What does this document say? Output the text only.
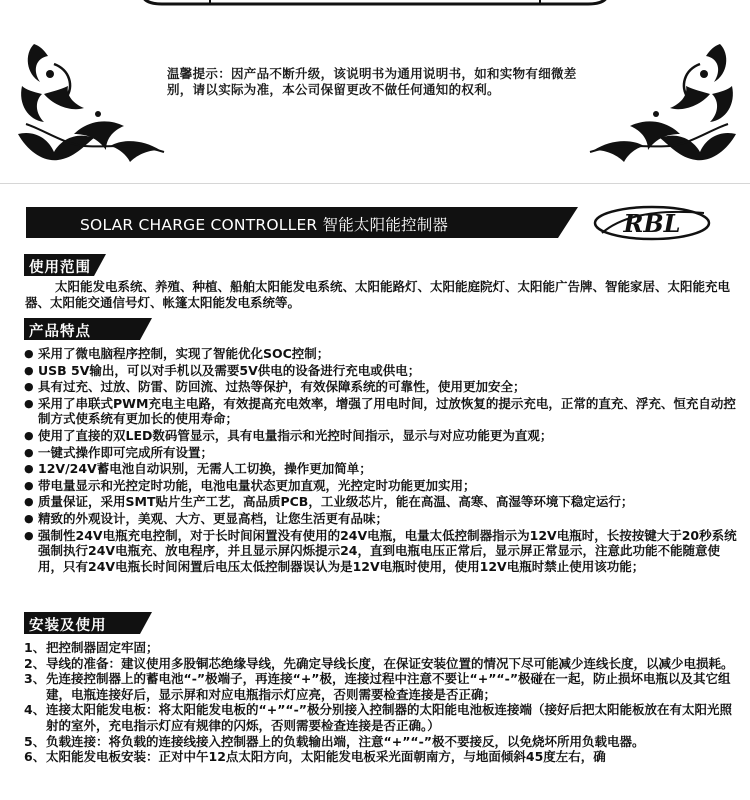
温馨提示：因产品不断升级，该说明书为通用说明书，如和实物有细微差别，请以实际为准，本公司保留更改不做任何通知的权利。
SOLAR CHARGE CONTROLLER 智能太阳能控制器	RBL
使用范围
太阳能发电系统、养殖、种植、船舶太阳能发电系统、太阳能路灯、太阳能庭院灯、太阳能广告牌、智能家居、太阳能充电器、太阳能交通信号灯、帐篷太阳能发电系统等。
产品特点
● 采用了微电脑程序控制，实现了智能优化SOC控制；
● USB 5V输出，可以对手机以及需要5V供电的设备进行充电或供电；
● 具有过充、过放、防雷、防回流、过热等保护，有效保障系统的可靠性，使用更加安全；
● 采用了串联式PWM充电主电路，有效提高充电效率，增强了用电时间，过放恢复的提示充电，正常的直充、浮充、恒充自动控制方式使系统有更加长的使用寿命；
● 使用了直接的双LED数码管显示，具有电量指示和光控时间指示，显示与对应功能更为直观；
● 一键式操作即可完成所有设置；
● 12V/24V蓄电池自动识别，无需人工切换，操作更加简单；
● 带电量显示和光控定时功能，电池电量状态更加直观，光控定时功能更加实用；
● 质量保证，采用SMT贴片生产工艺，高品质PCB，工业级芯片，能在高温、高寒、高湿等环境下稳定运行；
● 精致的外观设计，美观、大方、更显高档，让您生活更有品味；
● 强制性24V电瓶充电控制，对于长时间闲置没有使用的24V电瓶，电量太低控制器指示为12V电瓶时，长按按键大于20秒系统强制执行24V电瓶充、放电程序，并且显示屏闪烁提示24，直到电瓶电压正常后，显示屏正常显示，注意此功能不能随意使用，只有24V电瓶长时间闲置后电压太低控制器误认为是12V电瓶时使用，使用12V电瓶时禁止使用该功能；
安装及使用
1、 把控制器固定牢固；
2、 导线的准备：建议使用多股铜芯绝缘导线，先确定导线长度，在保证安装位置的情况下尽可能减少连线长度，以减少电损耗。
3、 先连接控制器上的蓄电池“-”极端子，再连接“+”极，连接过程中注意不要让“+”“-”极碰在一起，防止损坏电瓶以及其它组建，电瓶连接好后，显示屏和对应电瓶指示灯应亮，否则需要检查连接是否正确；
4、 连接太阳能发电板：将太阳能发电板的“+”“-”极分别接入控制器的太阳能电池板连接端（接好后把太阳能板放在有太阳光照射的室外，充电指示灯应有规律的闪烁，否则需要检查连接是否正确。）
5、 负载连接：将负载的连接线接入控制器上的负载输出端，注意“+”“-”极不要接反，以免烧坏所用负载电器。
6、 太阳能发电板安装：正对中午12点太阳方向，太阳能发电板采光面朝南方，与地面倾斜45度左右，确
